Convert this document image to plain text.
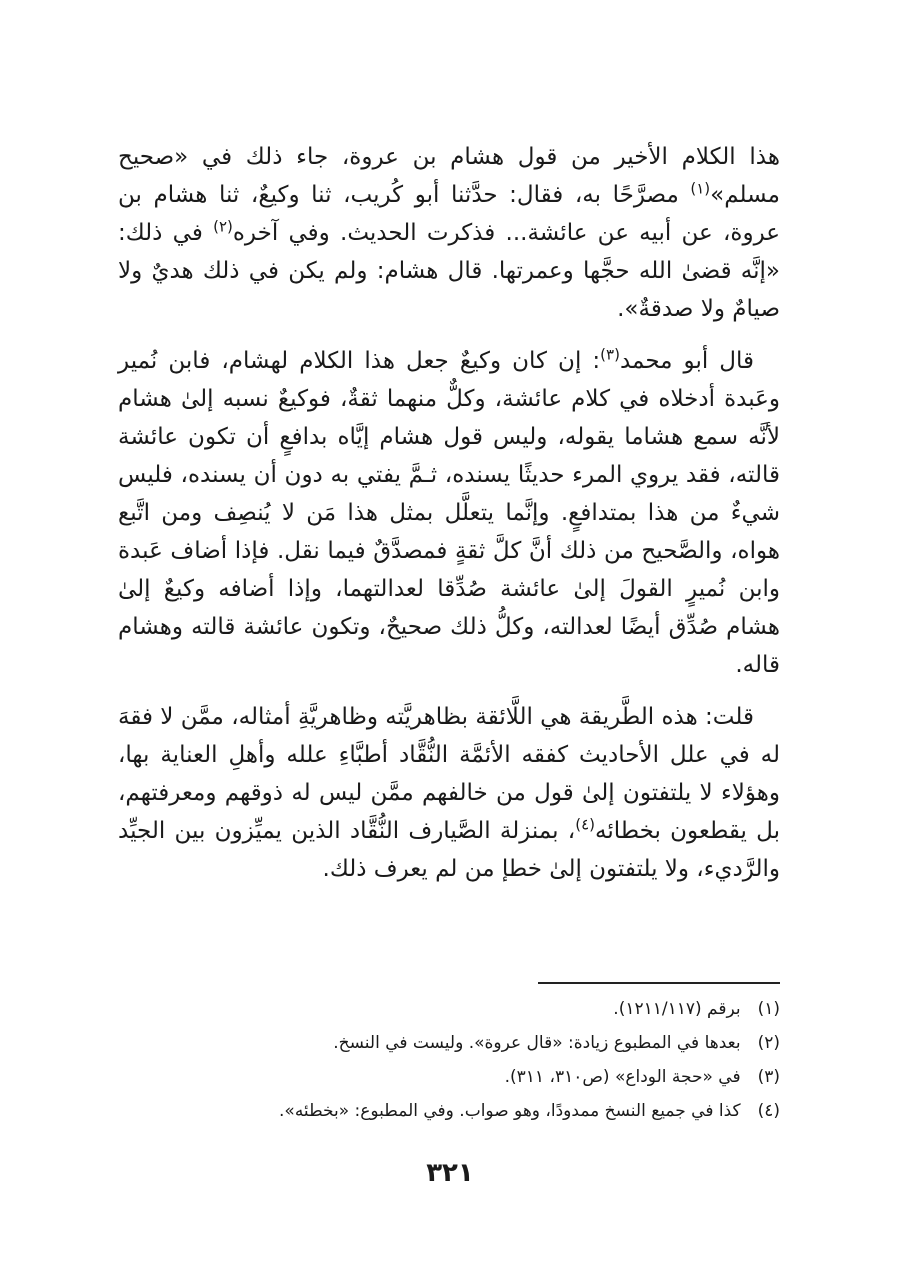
هذا الكلام الأخير من قول هشام بن عروة، جاء ذلك في «صحيح مسلم»$^{(١)}$ مصرَّحًا به، فقال: حدَّثنا أبو كُريب، ثنا وكيعٌ، ثنا هشام بن عروة، عن أبيه عن عائشة... فذكرت الحديث. وفي آخره$^{(٢)}$ في ذلك: «إنَّه قضىٰ الله حجَّها وعمرتها. قال هشام: ولم يكن في ذلك هديٌ ولا صيامٌ ولا صدقةٌ».

قال أبو محمد$^{(٣)}$: إن كان وكيعٌ جعل هذا الكلام لهشام، فابن نُمير وعَبدة أدخلاه في كلام عائشة، وكلٌّ منهما ثقةٌ، فوكيعٌ نسبه إلىٰ هشام لأنَّه سمع هشاما يقوله، وليس قول هشام إيَّاه بدافعٍ أن تكون عائشة قالته، فقد يروي المرء حديثًا يسنده، ثـمَّ يفتي به دون أن يسنده، فليس شيءٌ من هذا بمتدافعٍ. وإنَّما يتعلَّل بمثل هذا مَن لا يُنصِف ومن اتَّبع هواه، والصَّحيح من ذلك أنَّ كلَّ ثقةٍ فمصدَّقٌ فيما نقل. فإذا أضاف عَبدة وابن نُميرٍ القولَ إلىٰ عائشة صُدِّقا لعدالتهما، وإذا أضافه وكيعٌ إلىٰ هشام صُدِّق أيضًا لعدالته، وكلُّ ذلك صحيحٌ، وتكون عائشة قالته وهشام قاله.

قلت: هذه الطَّريقة هي اللَّائقة بظاهريَّته وظاهريَّةِ أمثاله، ممَّن لا فقهَ له في علل الأحاديث كفقه الأئمَّة النُّقَّاد أطبَّاءِ علله وأهلِ العناية بها، وهؤلاء لا يلتفتون إلىٰ قول من خالفهم ممَّن ليس له ذوقهم ومعرفتهم، بل يقطعون بخطائه$^{(٤)}$، بمنزلة الصَّيارف النُّقَّاد الذين يميِّزون بين الجيِّد والرَّديء، ولا يلتفتون إلىٰ خطإ من لم يعرف ذلك.

(١) برقم (١٢١١/١١٧).
(٢) بعدها في المطبوع زيادة: «قال عروة». وليست في النسخ.
(٣) في «حجة الوداع» (ص٣١٠، ٣١١).
(٤) كذا في جميع النسخ ممدودًا، وهو صواب. وفي المطبوع: «بخطئه».
٣٢١
